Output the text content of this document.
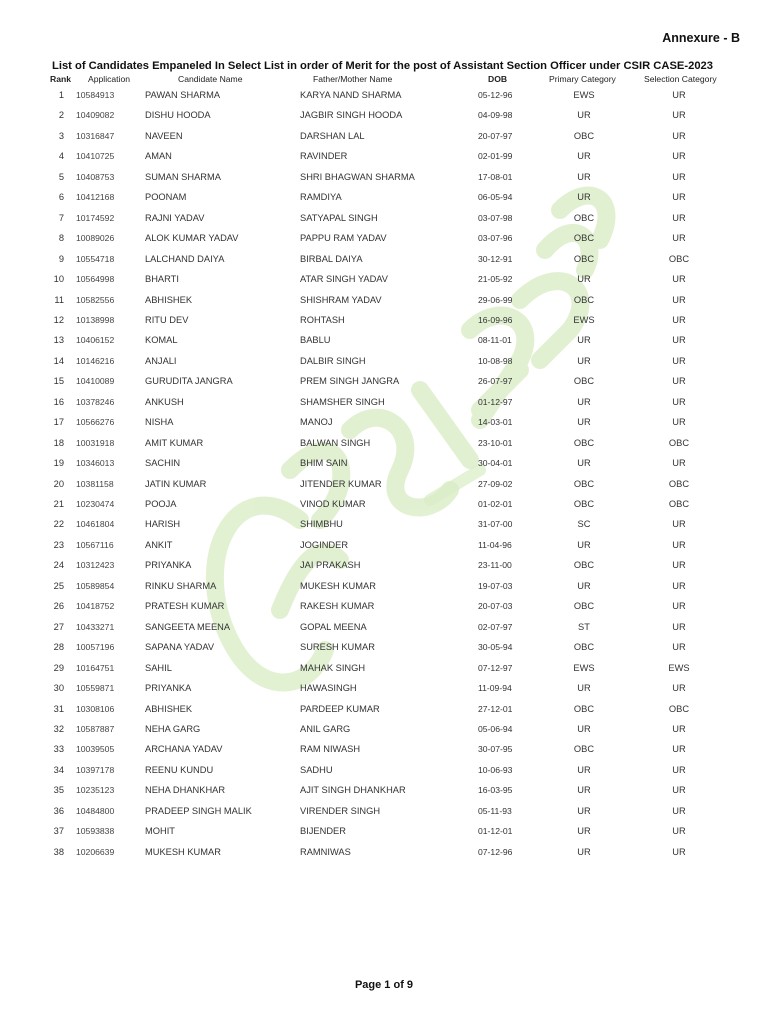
Annexure - B
List of Candidates Empaneled In Select List in order of Merit for the post of Assistant Section Officer under CSIR CASE-2023
Rank Application	Candidate Name	Father/Mother Name	DOB	Primary Category	Selection Category
1 10584913	PAWAN SHARMA	KARYA NAND SHARMA	05-12-96	EWS	UR
2 10409082	DISHU HOODA	JAGBIR SINGH HOODA	04-09-98	UR	UR
3 10316847	NAVEEN	DARSHAN LAL	20-07-97	OBC	UR
4 10410725	AMAN	RAVINDER	02-01-99	UR	UR
5 10408753	SUMAN SHARMA	SHRI BHAGWAN SHARMA	17-08-01	UR	UR
6 10412168	POONAM	RAMDIYA	06-05-94	UR	UR
7 10174592	RAJNI YADAV	SATYAPAL SINGH	03-07-98	OBC	UR
8 10089026	ALOK KUMAR YADAV	PAPPU RAM YADAV	03-07-96	OBC	UR
9 10554718	LALCHAND DAIYA	BIRBAL DAIYA	30-12-91	OBC	OBC
10 10564998	BHARTI	ATAR SINGH YADAV	21-05-92	UR	UR
11 10582556	ABHISHEK	SHISHRAM YADAV	29-06-99	OBC	UR
12 10138998	RITU DEV	ROHTASH	16-09-96	EWS	UR
13 10406152	KOMAL	BABLU	08-11-01	UR	UR
14 10146216	ANJALI	DALBIR SINGH	10-08-98	UR	UR
15 10410089	GURUDITA JANGRA	PREM SINGH JANGRA	26-07-97	OBC	UR
16 10378246	ANKUSH	SHAMSHER SINGH	01-12-97	UR	UR
17 10566276	NISHA	MANOJ	14-03-01	UR	UR
18 10031918	AMIT KUMAR	BALWAN SINGH	23-10-01	OBC	OBC
19 10346013	SACHIN	BHIM SAIN	30-04-01	UR	UR
20 10381158	JATIN KUMAR	JITENDER KUMAR	27-09-02	OBC	OBC
21 10230474	POOJA	VINOD KUMAR	01-02-01	OBC	OBC
22 10461804	HARISH	SHIMBHU	31-07-00	SC	UR
23 10567116	ANKIT	JOGINDER	11-04-96	UR	UR
24 10312423	PRIYANKA	JAI PRAKASH	23-11-00	OBC	UR
25 10589854	RINKU SHARMA	MUKESH KUMAR	19-07-03	UR	UR
26 10418752	PRATESH KUMAR	RAKESH KUMAR	20-07-03	OBC	UR
27 10433271	SANGEETA MEENA	GOPAL MEENA	02-07-97	ST	UR
28 10057196	SAPANA YADAV	SURESH KUMAR	30-05-94	OBC	UR
29 10164751	SAHIL	MAHAK SINGH	07-12-97	EWS	EWS
30 10559871	PRIYANKA	HAWASINGH	11-09-94	UR	UR
31 10308106	ABHISHEK	PARDEEP KUMAR	27-12-01	OBC	OBC
32 10587887	NEHA GARG	ANIL GARG	05-06-94	UR	UR
33 10039505	ARCHANA YADAV	RAM NIWASH	30-07-95	OBC	UR
34 10397178	REENU KUNDU	SADHU	10-06-93	UR	UR
35 10235123	NEHA DHANKHAR	AJIT SINGH DHANKHAR	16-03-95	UR	UR
36 10484800	PRADEEP SINGH MALIK	VIRENDER SINGH	05-11-93	UR	UR
37 10593838	MOHIT	BIJENDER	01-12-01	UR	UR
38 10206639	MUKESH KUMAR	RAMNIWAS	07-12-96	UR	UR
Page 1 of 9
